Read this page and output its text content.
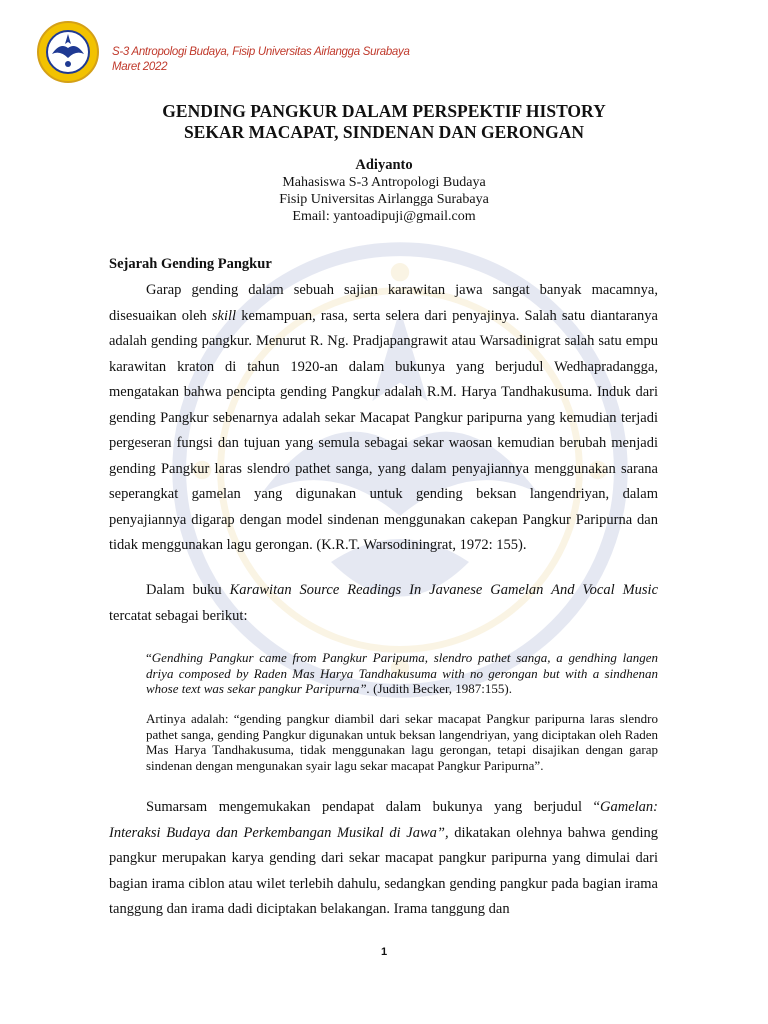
S-3 Antropologi Budaya, Fisip Universitas Airlangga Surabaya
Maret 2022
GENDING PANGKUR DALAM PERSPEKTIF HISTORY
SEKAR MACAPAT, SINDENAN DAN GERONGAN
Adiyanto
Mahasiswa S-3 Antropologi Budaya
Fisip Universitas Airlangga Surabaya
Email: yantoadipuji@gmail.com
Sejarah Gending Pangkur

Garap gending dalam sebuah sajian karawitan jawa sangat banyak macamnya, disesuaikan oleh skill kemampuan, rasa, serta selera dari penyajinya. Salah satu diantaranya adalah gending pangkur. Menurut R. Ng. Pradjapangrawit atau Warsadinigrat salah satu empu karawitan kraton di tahun 1920-an dalam bukunya yang berjudul Wedhapradangga, mengatakan bahwa pencipta gending Pangkur adalah R.M. Harya Tandhakusuma. Induk dari gending Pangkur sebenarnya adalah sekar Macapat Pangkur paripurna yang kemudian terjadi pergeseran fungsi dan tujuan yang semula sebagai sekar waosan kemudian berubah menjadi gending Pangkur laras slendro pathet sanga, yang dalam penyajiannya menggunakan sarana seperangkat gamelan yang digunakan untuk gending beksan langendriyan, dalam penyajiannya digarap dengan model sindenan menggunakan cakepan Pangkur Paripurna dan tidak menggunakan lagu gerongan. (K.R.T. Warsodiningrat, 1972: 155).

Dalam buku Karawitan Source Readings In Javanese Gamelan And Vocal Music tercatat sebagai berikut:

“Gendhing Pangkur came from Pangkur Paripuma, slendro pathet sanga, a gendhing langen driya composed by Raden Mas Harya Tandhakusuma with no gerongan but with a sindhenan whose text was sekar pangkur Paripurna”. (Judith Becker, 1987:155).

Artinya adalah: “gending pangkur diambil dari sekar macapat Pangkur paripurna laras slendro pathet sanga, gending Pangkur digunakan untuk beksan langendriyan, yang diciptakan oleh Raden Mas Harya Tandhakusuma, tidak menggunakan lagu gerongan, tetapi disajikan dengan garap sindenan dengan mengunakan syair lagu sekar macapat Pangkur Paripurna”.

Sumarsam mengemukakan pendapat dalam bukunya yang berjudul “Gamelan: Interaksi Budaya dan Perkembangan Musikal di Jawa”, dikatakan olehnya bahwa gending pangkur merupakan karya gending dari sekar macapat pangkur paripurna yang dimulai dari bagian irama ciblon atau wilet terlebih dahulu, sedangkan gending pangkur pada bagian irama tanggung dan irama dadi diciptakan belakangan. Irama tanggung dan

1
